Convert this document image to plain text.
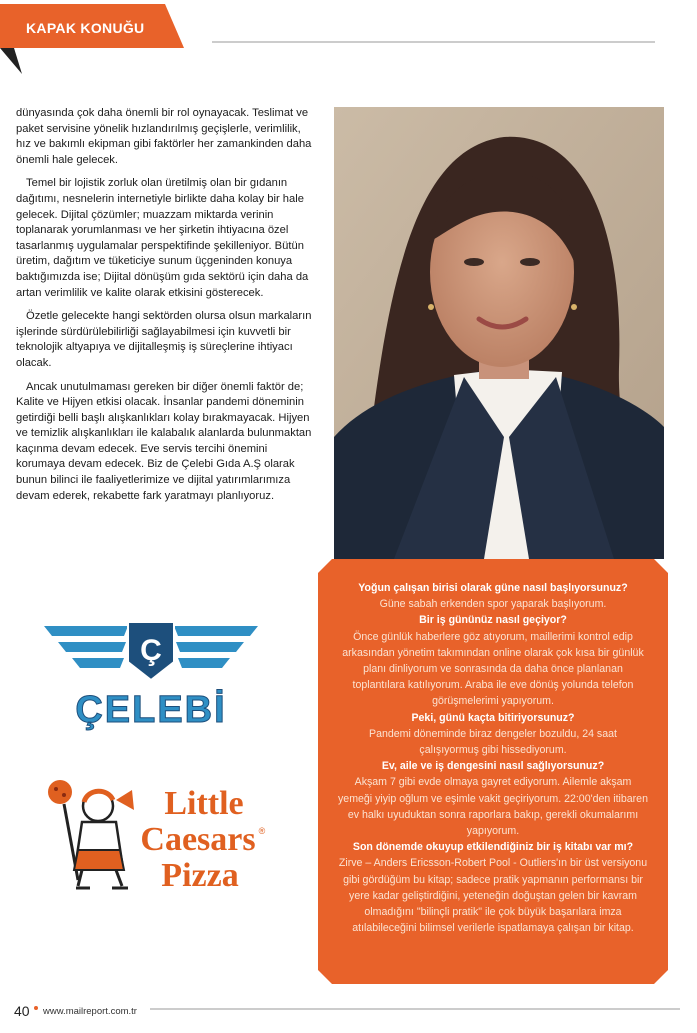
KAPAK KONUĞU

dünyasında çok daha önemli bir rol oynayacak. Teslimat ve paket servisine yönelik hızlandırılmış geçişlerle, verimlilik, hız ve bakımlı ekipman gibi faktörler her zamankinden daha önemli hale gelecek.

Temel bir lojistik zorluk olan üretilmiş olan bir gıdanın dağıtımı, nesnelerin internetiyle birlikte daha kolay bir hale gelecek. Dijital çözümler; muazzam miktarda verinin toplanarak yorumlanması ve her şirketin ihtiyacına özel tasarlanmış uygulamalar perspektifinde şekilleniyor. Bütün üretim, dağıtım ve tüketiciye sunum üçgeninden konuya baktığımızda ise; Dijital dönüşüm gıda sektörü için daha da artan verimlilik ve kalite olarak etkisini gösterecek.

Özetle gelecekte hangi sektörden olursa olsun markaların işlerinde sürdürülebilirliği sağlayabilmesi için kuvvetli bir teknolojik altyapıya ve dijitalleşmiş iş süreçlerine ihtiyacı olacak.

Ancak unutulmaması gereken bir diğer önemli faktör de; Kalite ve Hijyen etkisi olacak. İnsanlar pandemi döneminin getirdiği belli başlı alışkanlıkları kolay bırakmayacak. Hijyen ve temizlik alışkanlıkları ile kalabalık alanlarda bulunmaktan kaçınma devam edecek. Eve servis tercihi önemini korumaya devam edecek. Biz de Çelebi Gıda A.Ş olarak bunun bilinci ile faaliyetlerimize ve dijital yatırımlarımıza devam ederek, rekabette fark yaratmayı planlıyoruz.

Yoğun çalışan birisi olarak güne nasıl başlıyorsunuz?
Güne sabah erkenden spor yaparak başlıyorum.
Bir iş gününüz nasıl geçiyor?
Önce günlük haberlere göz atıyorum, maillerimi kontrol edip arkasından yönetim takımından online olarak çok kısa bir günlük planı dinliyorum ve sonrasında da daha önce planlanan toplantılara katılıyorum. Araba ile eve dönüş yolunda telefon görüşmelerimi yapıyorum.
Peki, günü kaçta bitiriyorsunuz?
Pandemi döneminde biraz dengeler bozuldu, 24 saat çalışıyormuş gibi hissediyorum.
Ev, aile ve iş dengesini nasıl sağlıyorsunuz?
Akşam 7 gibi evde olmaya gayret ediyorum. Ailemle akşam yemeği yiyip oğlum ve eşimle vakit geçiriyorum. 22:00'den itibaren ev halkı uyuduktan sonra raporlara bakıp, gerekli okumalarımı yapıyorum.
Son dönemde okuyup etkilendiğiniz bir iş kitabı var mı?
Zirve – Anders Ericsson-Robert Pool - Outliers'ın bir üst versiyonu gibi gördüğüm bu kitap; sadece pratik yapmanın performansı bir yere kadar geliştirdiğini, yeteneğin doğuştan gelen bir kavram olmadığını "bilinçli pratik" ile çok büyük başarılara imza atılabileceğini bilimsel verilerle ispatlamaya çalışan bir kitap.
Ç
ÇELEBİ
Little
Caesars ®
Pizza
40 www.mailreport.com.tr
